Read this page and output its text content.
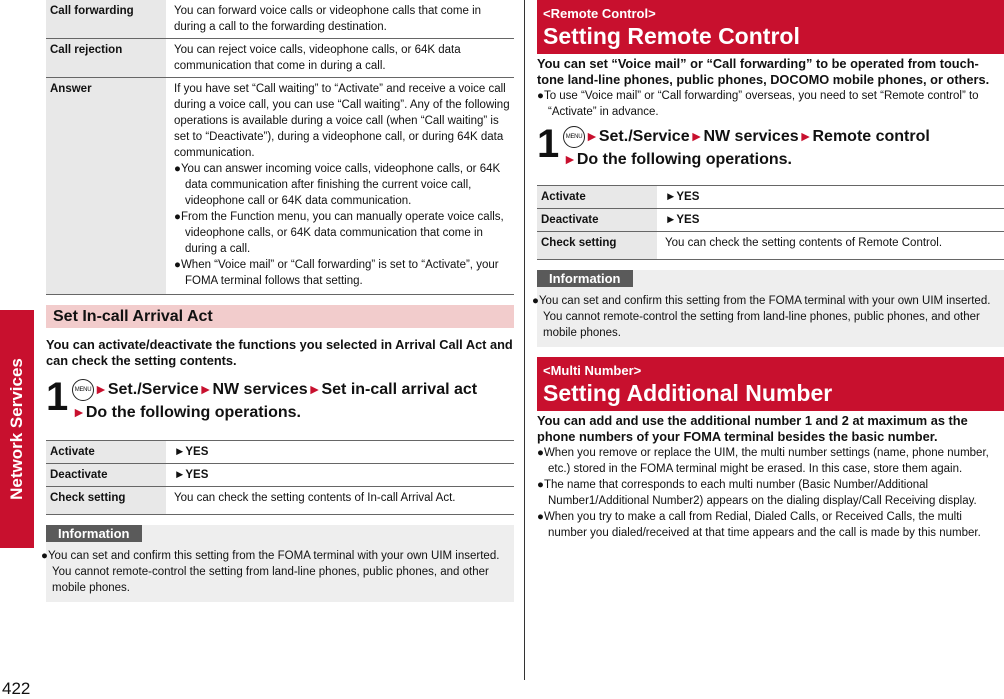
Network Services
422
Call forwarding	You can forward voice calls or videophone calls that come in during a call to the forwarding destination.
Call rejection	You can reject voice calls, videophone calls, or 64K data communication that come in during a call.
Answer	If you have set “Call waiting” to “Activate” and receive a voice call during a voice call, you can use “Call waiting”. Any of the following operations is available during a voice call (when “Call waiting” is set to “Deactivate”), during a videophone call, or during 64K data communication.
●You can answer incoming voice calls, videophone calls, or 64K data communication after finishing the current voice call, videophone call or 64K data communication.
●From the Function menu, you can manually operate voice calls, videophone calls, or 64K data communication that come in during a call.
●When “Voice mail” or “Call forwarding” is set to “Activate”, your FOMA terminal follows that setting.
Set In-call Arrival Act
You can activate/deactivate the functions you selected in Arrival Call Act and can check the setting contents.
1	MENU ►Set./Service►NW services►Set in-call arrival act
►Do the following operations.
Activate	►YES
Deactivate	►YES
Check setting	You can check the setting contents of In-call Arrival Act.
Information
●You can set and confirm this setting from the FOMA terminal with your own UIM inserted. You cannot remote-control the setting from land-line phones, public phones, and other mobile phones.
<Remote Control>
Setting Remote Control
You can set “Voice mail” or “Call forwarding” to be operated from touch-tone land-line phones, public phones, DOCOMO mobile phones, or others.
●To use “Voice mail” or “Call forwarding” overseas, you need to set “Remote control” to “Activate” in advance.
1	MENU ►Set./Service►NW services►Remote control
►Do the following operations.
Activate	►YES
Deactivate	►YES
Check setting	You can check the setting contents of Remote Control.
Information
●You can set and confirm this setting from the FOMA terminal with your own UIM inserted. You cannot remote-control the setting from land-line phones, public phones, and other mobile phones.
<Multi Number>
Setting Additional Number
You can add and use the additional number 1 and 2 at maximum as the phone numbers of your FOMA terminal besides the basic number.
●When you remove or replace the UIM, the multi number settings (name, phone number, etc.) stored in the FOMA terminal might be erased. In this case, store them again.
●The name that corresponds to each multi number (Basic Number/Additional Number1/Additional Number2) appears on the dialing display/Call Receiving display.
●When you try to make a call from Redial, Dialed Calls, or Received Calls, the multi number you dialed/received at that time appears and the call is made by this number.
